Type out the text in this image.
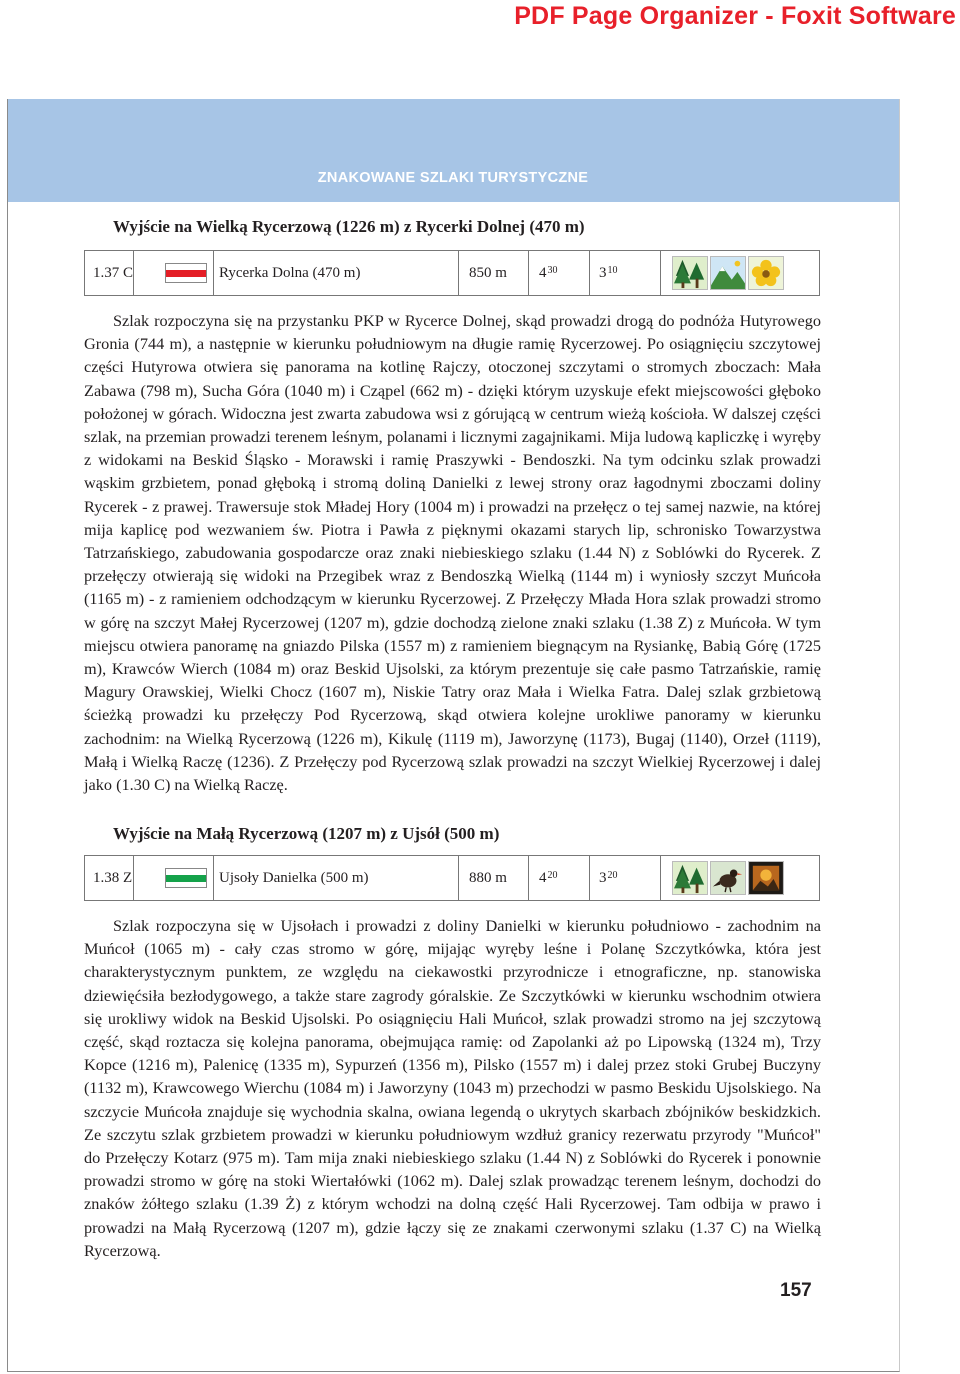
PDF Page Organizer - Foxit Software
ZNAKOWANE SZLAKI TURYSTYCZNE
Wyjście na Wielką Rycerzową (1226 m) z Rycerki Dolnej (470 m)
1.37 C	Rycerka Dolna (470 m)	850 m $4^{30}$	$3^{10}$

Szlak rozpoczyna się na przystanku PKP w Rycerce Dolnej, skąd prowadzi drogą do podnóża Hutyrowego Gronia (744 m), a następnie w kierunku południowym na długie ramię Rycerzowej. Po osiągnięciu szczytowej części Hutyrowa otwiera się panorama na kotlinę Rajczy, otoczonej szczytami o stromych zboczach: Mała Zabawa (798 m), Sucha Góra (1040 m) i Cząpel (662 m) - dzięki którym uzyskuje efekt miejscowości głęboko położonej w górach. Widoczna jest zwarta zabudowa wsi z górującą w centrum wieżą kościoła. W dalszej części szlak, na przemian prowadzi terenem leśnym, polanami i licznymi zagajnikami. Mija ludową kapliczkę i wyręby z widokami na Beskid Śląsko - Morawski i ramię Praszywki - Bendoszki. Na tym odcinku szlak prowadzi wąskim grzbietem, ponad głęboką i stromą doliną Danielki z lewej strony oraz łagodnymi zboczami doliny Rycerek - z prawej. Trawersuje stok Mładej Hory (1004 m) i prowadzi na przełęcz o tej samej nazwie, na której mija kaplicę pod wezwaniem św. Piotra i Pawła z pięknymi okazami starych lip, schronisko Towarzystwa Tatrzańskiego, zabudowania gospodarcze oraz znaki niebieskiego szlaku (1.44 N) z Soblówki do Rycerek. Z przełęczy otwierają się widoki na Przegibek wraz z Bendoszką Wielką (1144 m) i wyniosły szczyt Muńcoła (1165 m) - z ramieniem odchodzącym w kierunku Rycerzowej. Z Przełęczy Młada Hora szlak prowadzi stromo w górę na szczyt Małej Rycerzowej (1207 m), gdzie dochodzą zielone znaki szlaku (1.38 Z) z Muńcoła. W tym miejscu otwiera panoramę na gniazdo Pilska (1557 m) z ramieniem biegnącym na Rysiankę, Babią Górę (1725 m), Krawców Wierch (1084 m) oraz Beskid Ujsolski, za którym prezentuje się całe pasmo Tatrzańskie, ramię Magury Orawskiej, Wielki Chocz (1607 m), Niskie Tatry oraz Mała i Wielka Fatra. Dalej szlak grzbietową ścieżką prowadzi ku przełęczy Pod Rycerzową, skąd otwiera kolejne urokliwe panoramy w kierunku zachodnim: na Wielką Rycerzową (1226 m), Kikulę (1119 m), Jaworzynę (1173), Bugaj (1140), Orzeł (1119), Małą i Wielką Raczę (1236). Z Przełęczy pod Rycerzową szlak prowadzi na szczyt Wielkiej Rycerzowej i dalej jako (1.30 C) na Wielką Raczę.

Wyjście na Małą Rycerzową (1207 m) z Ujsół (500 m)
1.38 Z	Ujsoły Danielka (500 m)	880 m $4^{20}$	$3^{20}$

Szlak rozpoczyna się w Ujsołach i prowadzi z doliny Danielki w kierunku południowo - zachodnim na Muńcoł (1065 m) - cały czas stromo w górę, mijając wyręby leśne i Polanę Szczytkówka, która jest charakterystycznym punktem, ze względu na ciekawostki przyrodnicze i etnograficzne, np. stanowiska dziewięćsiła bezłodygowego, a także stare zagrody góralskie. Ze Szczytkówki w kierunku wschodnim otwiera się urokliwy widok na Beskid Ujsolski. Po osiągnięciu Hali Muńcoł, szlak prowadzi stromo na jej szczytową część, skąd roztacza się kolejna panorama, obejmująca ramię: od Zapolanki aż po Lipowską (1324 m), Trzy Kopce (1216 m), Palenicę (1335 m), Sypurzeń (1356 m), Pilsko (1557 m) i dalej przez stoki Grubej Buczyny (1132 m), Krawcowego Wierchu (1084 m) i Jaworzyny (1043 m) przechodzi w pasmo Beskidu Ujsolskiego. Na szczycie Muńcoła znajduje się wychodnia skalna, owiana legendą o ukrytych skarbach zbójników beskidzkich. Ze szczytu szlak grzbietem prowadzi w kierunku południowym wzdłuż granicy rezerwatu przyrody "Muńcoł" do Przełęczy Kotarz (975 m). Tam mija znaki niebieskiego szlaku (1.44 N) z Soblówki do Rycerek i ponownie prowadzi stromo w górę na stoki Wiertałówki (1062 m). Dalej szlak prowadząc terenem leśnym, dochodzi do znaków żółtego szlaku (1.39 Ż) z którym wchodzi na dolną część Hali Rycerzowej. Tam odbija w prawo i prowadzi na Małą Rycerzową (1207 m), gdzie łączy się ze znakami czerwonymi szlaku (1.37 C) na Wielką Rycerzową.

157
